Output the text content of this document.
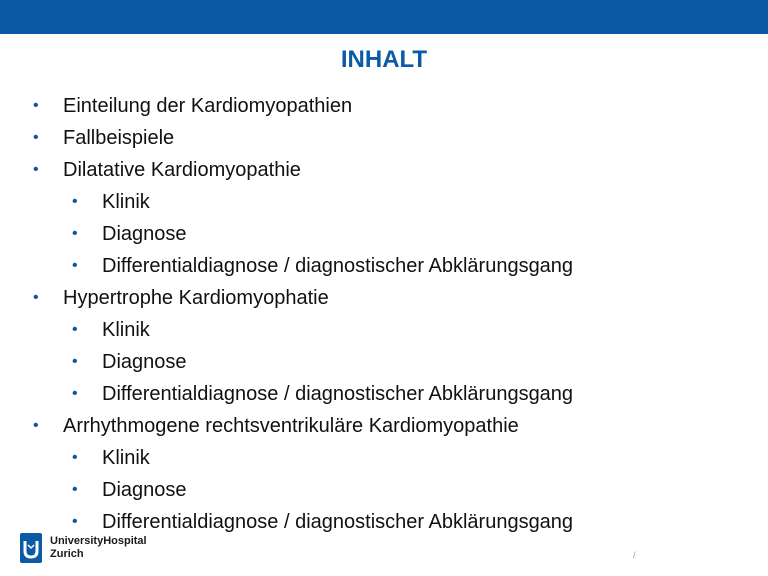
INHALT
• Einteilung der Kardiomyopathien
• Fallbeispiele
• Dilatative Kardiomyopathie
• Klinik
• Diagnose
• Differentialdiagnose / diagnostischer Abklärungsgang
• Hypertrophe Kardiomyophatie
• Klinik
• Diagnose
• Differentialdiagnose / diagnostischer Abklärungsgang
• Arrhythmogene rechtsventrikuläre Kardiomyopathie
• Klinik
• Diagnose
• Differentialdiagnose / diagnostischer Abklärungsgang
UniversityHospital
Zurich	/
